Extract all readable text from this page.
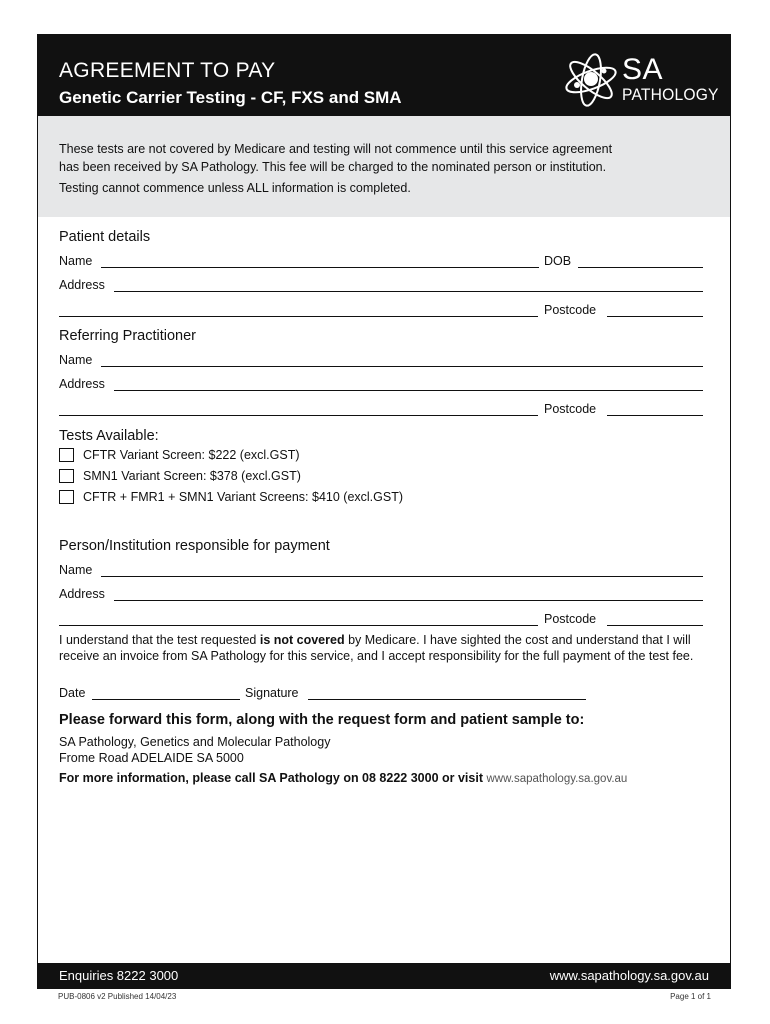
AGREEMENT TO PAY
Genetic Carrier Testing - CF, FXS and SMA
SA
PATHOLOGY

These tests are not covered by Medicare and testing will not commence until this service agreement

has been received by SA Pathology. This fee will be charged to the nominated person or institution.

Testing cannot commence unless ALL information is completed.

Patient details
Name	DOB
Address
Postcode
Referring Practitioner
Name
Address
Postcode
Tests Available:
CFTR Variant Screen: $222 (excl.GST)
SMN1 Variant Screen: $378 (excl.GST)
CFTR + FMR1 + SMN1 Variant Screens: $410 (excl.GST)
Person/Institution responsible for payment
Name
Address
Postcode

I understand that the test requested is not covered by Medicare. I have sighted the cost and understand that I will receive an invoice from SA Pathology for this service, and I accept responsibility for the full payment of the test fee.

Date	Signature
Please forward this form, along with the request form and patient sample to:
SA Pathology, Genetics and Molecular Pathology
Frome Road ADELAIDE SA 5000
For more information, please call SA Pathology on 08 8222 3000 or visit www.sapathology.sa.gov.au
Enquiries 8222 3000	www.sapathology.sa.gov.au
PUB-0806 v2 Published 14/04/23	Page 1 of 1
